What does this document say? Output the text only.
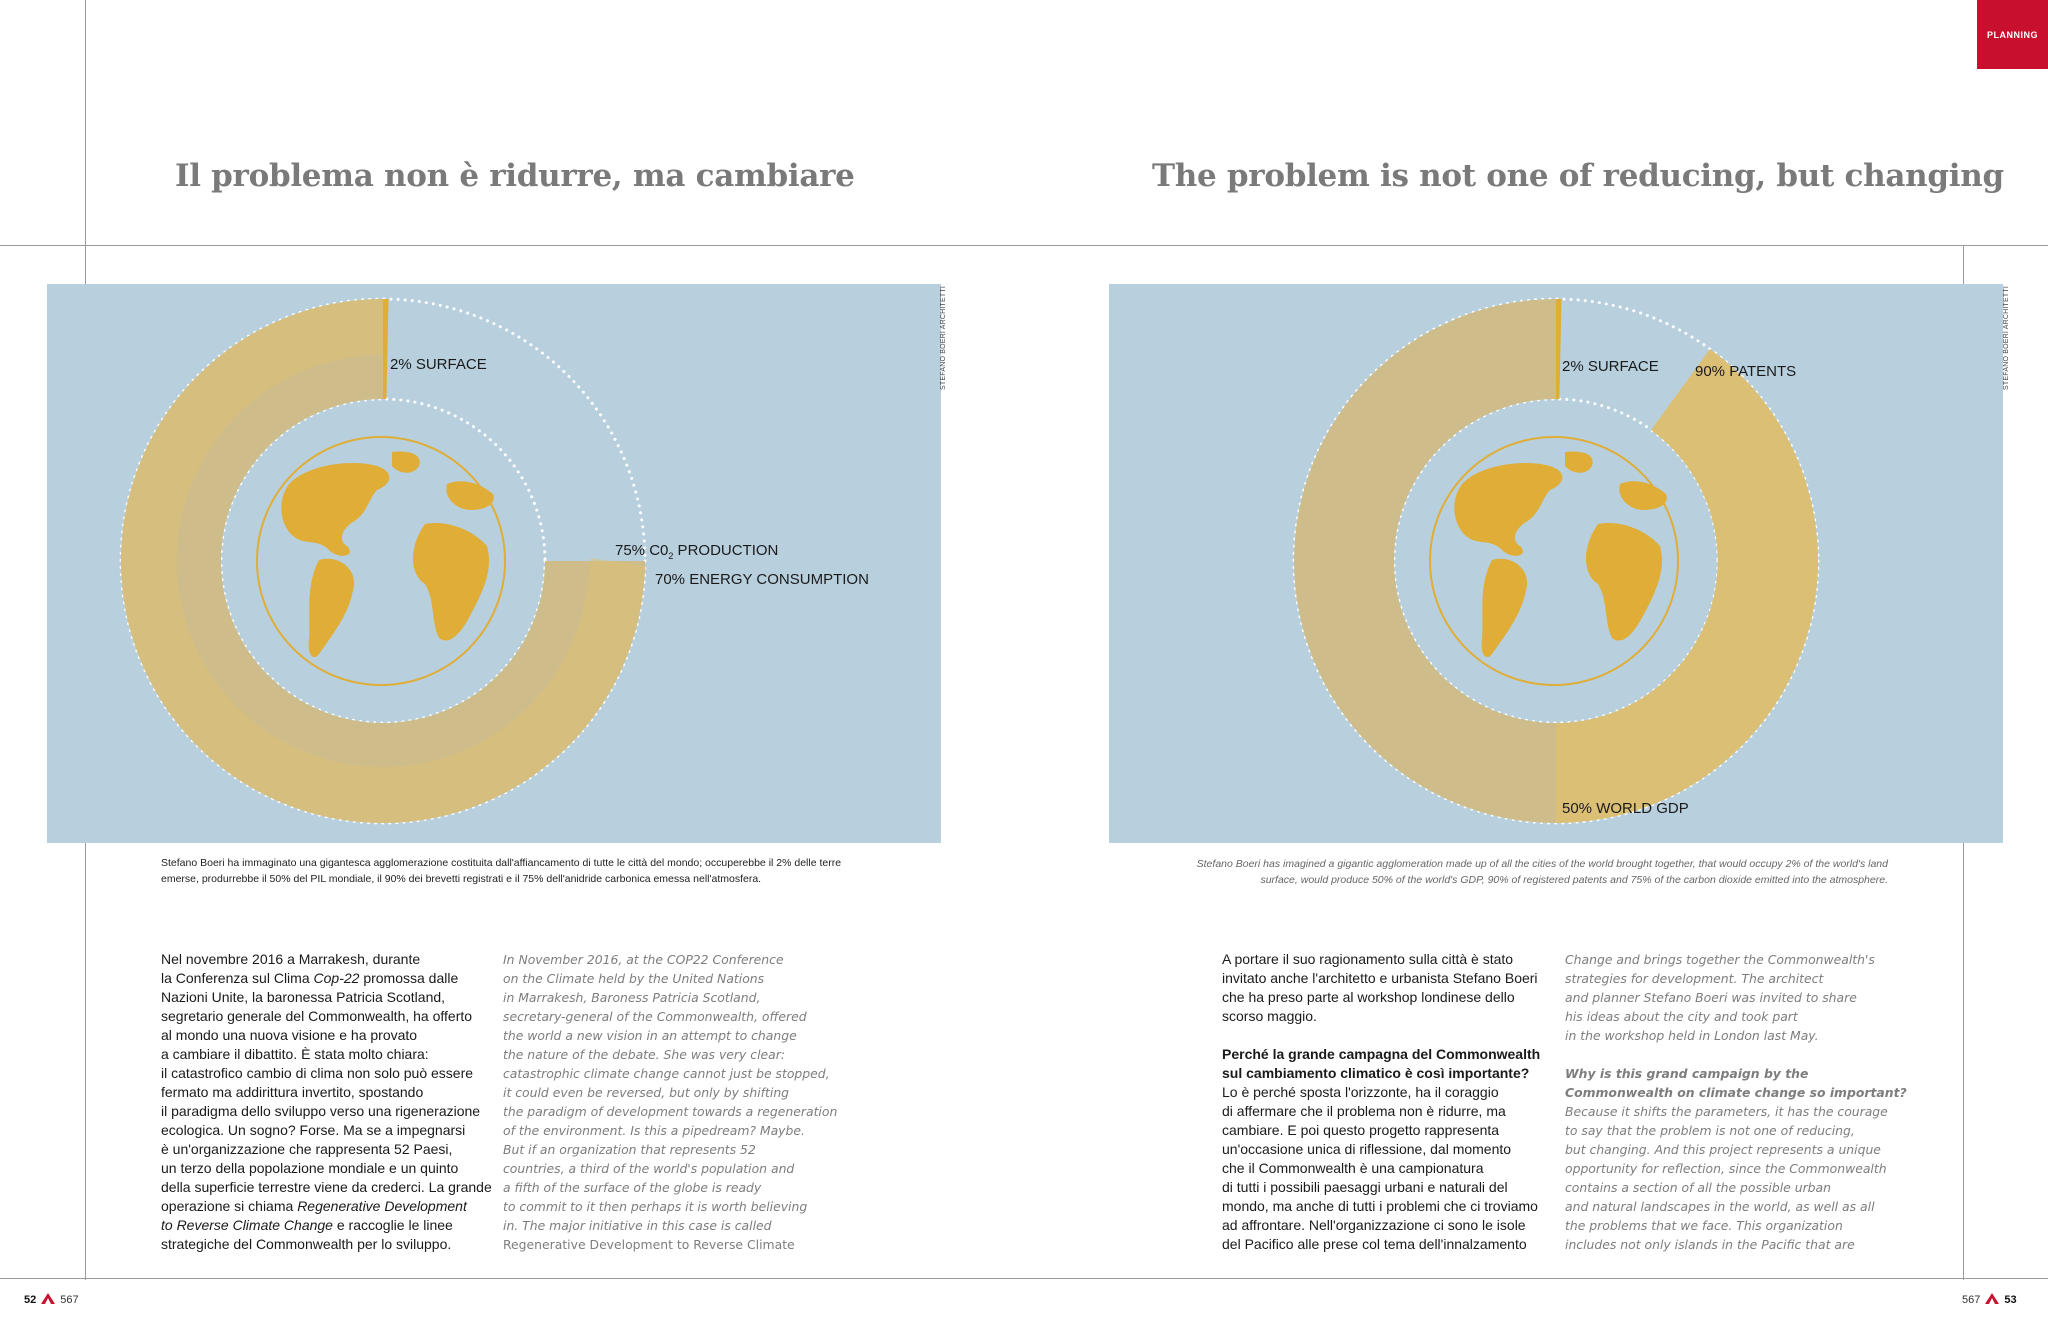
PLANNING
Il problema non è ridurre, ma cambiare	The problem is not one of reducing, but changing
2% SURFACE
75% $C0_2$ PRODUCTION
70% ENERGY CONSUMPTION
STEFANO BOERI ARCHITETTI	2% SURFACE 90% PATENTS
50% WORLD GDP
STEFANO BOERI ARCHITETTI
Stefano Boeri ha immaginato una gigantesca agglomerazione costituita dall'affiancamento di tutte le città del mondo; occuperebbe il 2% delle terre
emerse, produrrebbe il 50% del PIL mondiale, il 90% dei brevetti registrati e il 75% dell'anidride carbonica emessa nell'atmosfera.
Stefano Boeri has imagined a gigantic agglomeration made up of all the cities of the world brought together, that would occupy 2% of the world's land
surface, would produce 50% of the world's GDP, 90% of registered patents and 75% of the carbon dioxide emitted into the atmosphere.
Nel novembre 2016 a Marrakesh, durante
la Conferenza sul Clima Cop-22 promossa dalle
Nazioni Unite, la baronessa Patricia Scotland,
segretario generale del Commonwealth, ha offerto
al mondo una nuova visione e ha provato
a cambiare il dibattito. È stata molto chiara:
il catastrofico cambio di clima non solo può essere
fermato ma addirittura invertito, spostando
il paradigma dello sviluppo verso una rigenerazione
ecologica. Un sogno? Forse. Ma se a impegnarsi
è un'organizzazione che rappresenta 52 Paesi,
un terzo della popolazione mondiale e un quinto
della superficie terrestre viene da crederci. La grande
operazione si chiama Regenerative Development
to Reverse Climate Change e raccoglie le linee
strategiche del Commonwealth per lo sviluppo.
In November 2016, at the COP22 Conference
on the Climate held by the United Nations
in Marrakesh, Baroness Patricia Scotland,
secretary-general of the Commonwealth, offered
the world a new vision in an attempt to change
the nature of the debate. She was very clear:
catastrophic climate change cannot just be stopped,
it could even be reversed, but only by shifting
the paradigm of development towards a regeneration
of the environment. Is this a pipedream? Maybe.
But if an organization that represents 52
countries, a third of the world's population and
a fifth of the surface of the globe is ready
to commit to it then perhaps it is worth believing
in. The major initiative in this case is called
Regenerative Development to Reverse Climate
A portare il suo ragionamento sulla città è stato
invitato anche l'architetto e urbanista Stefano Boeri
che ha preso parte al workshop londinese dello
scorso maggio.
Perché la grande campagna del Commonwealth
sul cambiamento climatico è così importante?
Lo è perché sposta l'orizzonte, ha il coraggio
di affermare che il problema non è ridurre, ma
cambiare. E poi questo progetto rappresenta
un'occasione unica di riflessione, dal momento
che il Commonwealth è una campionatura
di tutti i possibili paesaggi urbani e naturali del
mondo, ma anche di tutti i problemi che ci troviamo
ad affrontare. Nell'organizzazione ci sono le isole
del Pacifico alle prese col tema dell'innalzamento
Change and brings together the Commonwealth's
strategies for development. The architect
and planner Stefano Boeri was invited to share
his ideas about the city and took part
in the workshop held in London last May.
Why is this grand campaign by the
Commonwealth on climate change so important?
Because it shifts the parameters, it has the courage
to say that the problem is not one of reducing,
but changing. And this project represents a unique
opportunity for reflection, since the Commonwealth
contains a section of all the possible urban
and natural landscapes in the world, as well as all
the problems that we face. This organization
includes not only islands in the Pacific that are
52 567	567 53
